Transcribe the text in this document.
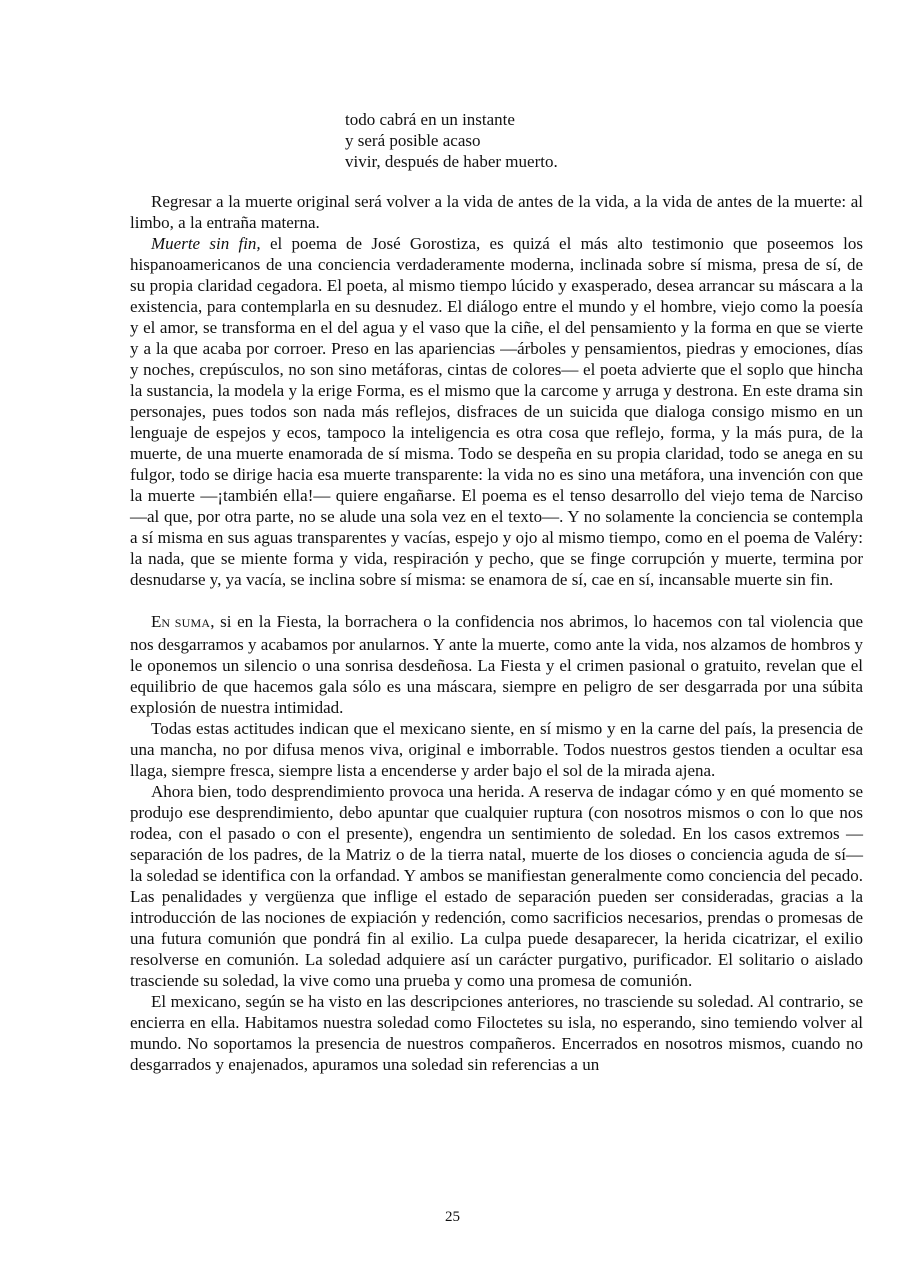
todo cabrá en un instante
y será posible acaso
vivir, después de haber muerto.

Regresar a la muerte original será volver a la vida de antes de la vida, a la vida de antes de la muerte: al limbo, a la entraña materna.

Muerte sin fin, el poema de José Gorostiza, es quizá el más alto testimonio que poseemos los hispanoamericanos de una conciencia verdaderamente moderna, inclinada sobre sí misma, presa de sí, de su propia claridad cegadora. El poeta, al mismo tiempo lúcido y exasperado, desea arrancar su máscara a la existencia, para contemplarla en su desnudez. El diálogo entre el mundo y el hombre, viejo como la poesía y el amor, se transforma en el del agua y el vaso que la ciñe, el del pensamiento y la forma en que se vierte y a la que acaba por corroer. Preso en las apariencias —árboles y pensamientos, piedras y emociones, días y noches, crepúsculos, no son sino metáforas, cintas de colores— el poeta advierte que el soplo que hincha la sustancia, la modela y la erige Forma, es el mismo que la carcome y arruga y destrona. En este drama sin personajes, pues todos son nada más reflejos, disfraces de un suicida que dialoga consigo mismo en un lenguaje de espejos y ecos, tampoco la inteligencia es otra cosa que reflejo, forma, y la más pura, de la muerte, de una muerte enamorada de sí misma. Todo se despeña en su propia claridad, todo se anega en su fulgor, todo se dirige hacia esa muerte transparente: la vida no es sino una metáfora, una invención con que la muerte —¡también ella!— quiere engañarse. El poema es el tenso desarrollo del viejo tema de Narciso —al que, por otra parte, no se alude una sola vez en el texto—. Y no solamente la conciencia se contempla a sí misma en sus aguas transparentes y vacías, espejo y ojo al mismo tiempo, como en el poema de Valéry: la nada, que se miente forma y vida, respiración y pecho, que se finge corrupción y muerte, termina por desnudarse y, ya vacía, se inclina sobre sí misma: se enamora de sí, cae en sí, incansable muerte sin fin.

EN SUMA, si en la Fiesta, la borrachera o la confidencia nos abrimos, lo hacemos con tal violencia que nos desgarramos y acabamos por anularnos. Y ante la muerte, como ante la vida, nos alzamos de hombros y le oponemos un silencio o una sonrisa desdeñosa. La Fiesta y el crimen pasional o gratuito, revelan que el equilibrio de que hacemos gala sólo es una máscara, siempre en peligro de ser desgarrada por una súbita explosión de nuestra intimidad.

Todas estas actitudes indican que el mexicano siente, en sí mismo y en la carne del país, la presencia de una mancha, no por difusa menos viva, original e imborrable. Todos nuestros gestos tienden a ocultar esa llaga, siempre fresca, siempre lista a encenderse y arder bajo el sol de la mirada ajena.

Ahora bien, todo desprendimiento provoca una herida. A reserva de indagar cómo y en qué momento se produjo ese desprendimiento, debo apuntar que cualquier ruptura (con nosotros mismos o con lo que nos rodea, con el pasado o con el presente), engendra un sentimiento de soledad. En los casos extremos —separación de los padres, de la Matriz o de la tierra natal, muerte de los dioses o conciencia aguda de sí— la soledad se identifica con la orfandad. Y ambos se manifiestan generalmente como conciencia del pecado. Las penalidades y vergüenza que inflige el estado de separación pueden ser consideradas, gracias a la introducción de las nociones de expiación y redención, como sacrificios necesarios, prendas o promesas de una futura comunión que pondrá fin al exilio. La culpa puede desaparecer, la herida cicatrizar, el exilio resolverse en comunión. La soledad adquiere así un carácter purgativo, purificador. El solitario o aislado trasciende su soledad, la vive como una prueba y como una promesa de comunión.

El mexicano, según se ha visto en las descripciones anteriores, no trasciende su soledad. Al contrario, se encierra en ella. Habitamos nuestra soledad como Filoctetes su isla, no esperando, sino temiendo volver al mundo. No soportamos la presencia de nuestros compañeros. Encerrados en nosotros mismos, cuando no desgarrados y enajenados, apuramos una soledad sin referencias a un

25
